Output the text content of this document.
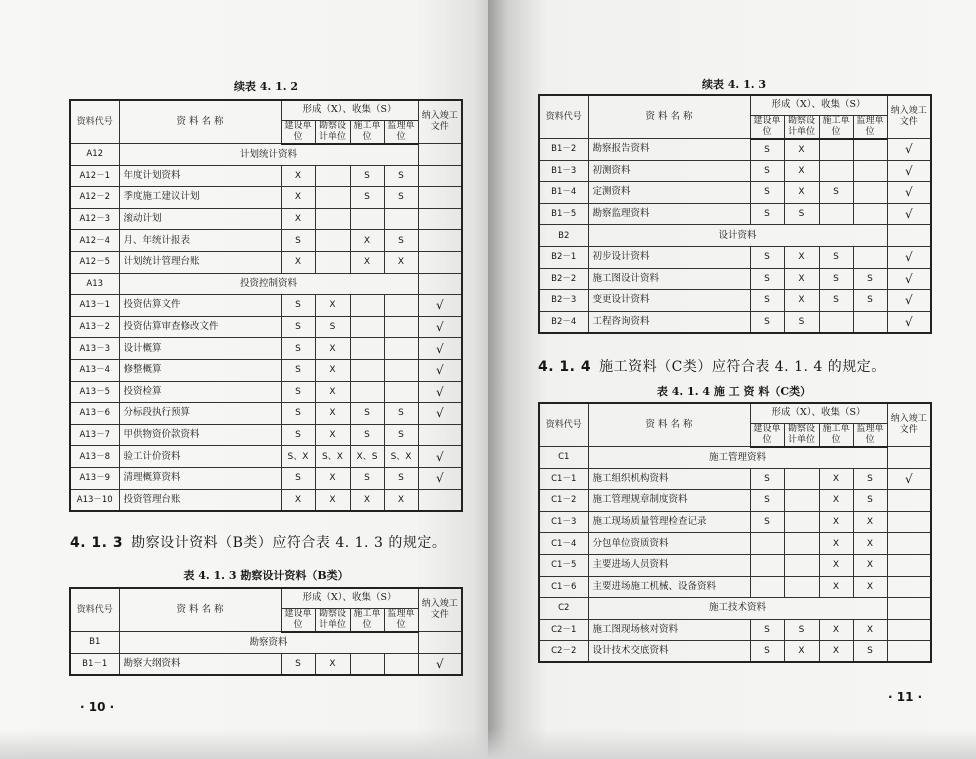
续表 4. 1. 2
资料代号	资 料 名 称	形成（X）、收集（S）				纳入竣工文件
		建设单位	勘察设计单位	施工单位	监理单位	
A12	计划统计资料					
A12－1	年度计划资料	X		S	S	
A12－2	季度施工建议计划	X		S	S	
A12－3	滚动计划	X				
A12－4	月、年统计报表	S		X	S	
A12－5	计划统计管理台账	X		X	X	
A13	投资控制资料					
A13－1	投资估算文件	S	X			√
A13－2	投资估算审查修改文件	S	S			√
A13－3	设计概算	S	X			√
A13－4	修整概算	S	X			√
A13－5	投资检算	S	X			√
A13－6	分标段执行预算	S	X	S	S	√
A13－7	甲供物资价款资料	S	X	S	S	
A13－8	验工计价资料	S、X	S、X	X、S	S、X	√
A13－9	清理概算资料	S	X	S	S	√
A13－10	投资管理台账	X	X	X	X	
4. 1. 3 勘察设计资料（B类）应符合表 4. 1. 3 的规定。
表 4. 1. 3 勘察设计资料（B类）
资料代号	资 料 名 称	形成（X）、收集（S）				纳入竣工文件
		建设单位	勘察设计单位	施工单位	监理单位	
B1	勘察资料					
B1－1	勘察大纲资料	S	X			√
· 10 ·
续表 4. 1. 3
资料代号	资 料 名 称	形成（X）、收集（S）				纳入竣工文件
		建设单位	勘察设计单位	施工单位	监理单位	
B1－2	勘察报告资料	S	X			√
B1－3	初测资料	S	X			√
B1－4	定测资料	S	X	S		√
B1－5	勘察监理资料	S	S			√
B2	设计资料					
B2－1	初步设计资料	S	X	S		√
B2－2	施工图设计资料	S	X	S	S	√
B2－3	变更设计资料	S	X	S	S	√
B2－4	工程咨询资料	S	S			√
4. 1. 4 施工资料（C类）应符合表 4. 1. 4 的规定。
表 4. 1. 4 施 工 资 料（C类）
资料代号	资 料 名 称	形成（X）、收集（S）				纳入竣工文件
		建设单位	勘察设计单位	施工单位	监理单位	
C1	施工管理资料					
C1－1	施工组织机构资料	S		X	S	√
C1－2	施工管理规章制度资料	S		X	S	
C1－3	施工现场质量管理检查记录	S		X	X	
C1－4	分包单位资质资料			X	X	
C1－5	主要进场人员资料			X	X	
C1－6	主要进场施工机械、设备资料			X	X	
C2	施工技术资料					
C2－1	施工图现场核对资料	S	S	X	X	
C2－2	设计技术交底资料	S	X	X	S	
· 11 ·
